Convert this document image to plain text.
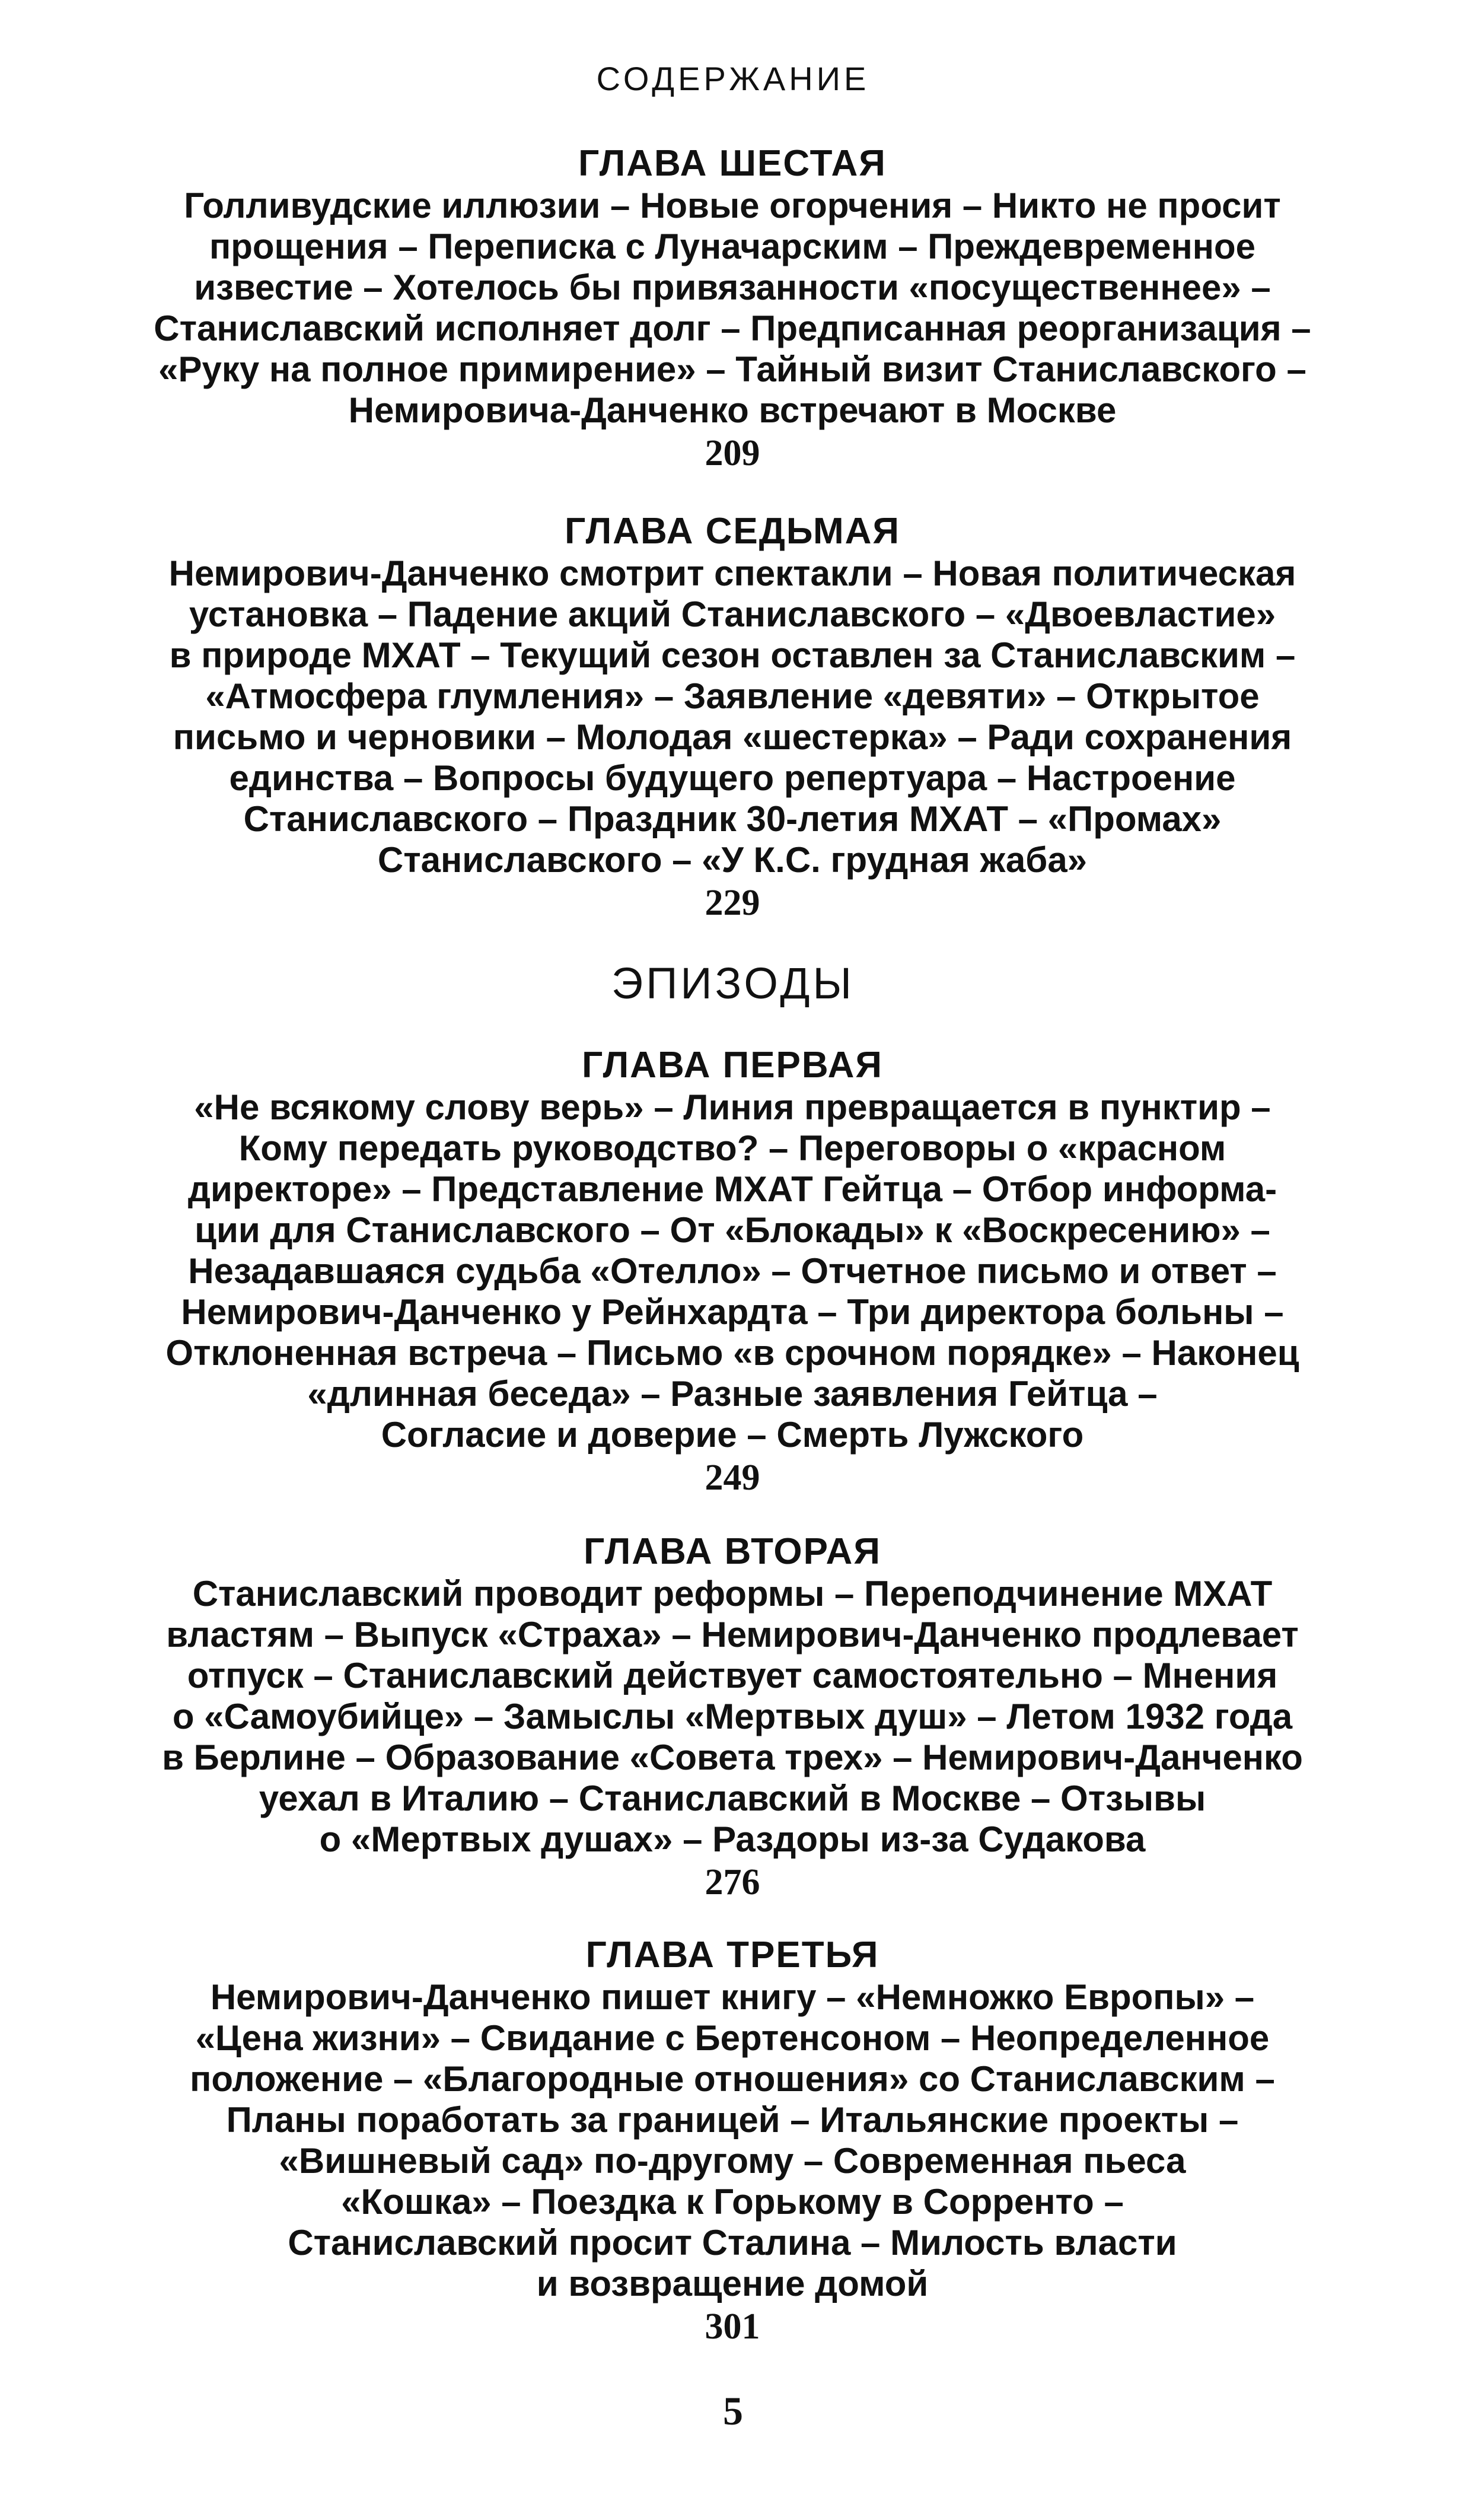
СОДЕРЖАНИЕ
ГЛАВА ШЕСТАЯ
Голливудские иллюзии – Новые огорчения – Никто не просит
прощения – Переписка с Луначарским – Преждевременное
известие – Хотелось бы привязанности «посущественнее» –
Станиславский исполняет долг – Предписанная реорганизация –
«Руку на полное примирение» – Тайный визит Станиславского –
Немировича-Данченко встречают в Москве
209
ГЛАВА СЕДЬМАЯ
Немирович-Данченко смотрит спектакли – Новая политическая
установка – Падение акций Станиславского – «Двоевластие»
в природе МХАТ – Текущий сезон оставлен за Станиславским –
«Атмосфера глумления» – Заявление «девяти» – Открытое
письмо и черновики – Молодая «шестерка» – Ради сохранения
единства – Вопросы будущего репертуара – Настроение
Станиславского – Праздник 30-летия МХАТ – «Промах»
Станиславского – «У К.С. грудная жаба»
229
ЭПИЗОДЫ
ГЛАВА ПЕРВАЯ
«Не всякому слову верь» – Линия превращается в пунктир –
Кому передать руководство? – Переговоры о «красном
директоре» – Представление МХАТ Гейтца – Отбор информа-
ции для Станиславского – От «Блокады» к «Воскресению» –
Незадавшаяся судьба «Отелло» – Отчетное письмо и ответ –
Немирович-Данченко у Рейнхардта – Три директора больны –
Отклоненная встреча – Письмо «в срочном порядке» – Наконец
«длинная беседа» – Разные заявления Гейтца –
Согласие и доверие – Смерть Лужского
249
ГЛАВА ВТОРАЯ
Станиславский проводит реформы – Переподчинение МХАТ
властям – Выпуск «Страха» – Немирович-Данченко продлевает
отпуск – Станиславский действует самостоятельно – Мнения
о «Самоубийце» – Замыслы «Мертвых душ» – Летом 1932 года
в Берлине – Образование «Совета трех» – Немирович-Данченко
уехал в Италию – Станиславский в Москве – Отзывы
о «Мертвых душах» – Раздоры из-за Судакова
276
ГЛАВА ТРЕТЬЯ
Немирович-Данченко пишет книгу – «Немножко Европы» –
«Цена жизни» – Свидание с Бертенсоном – Неопределенное
положение – «Благородные отношения» со Станиславским –
Планы поработать за границей – Итальянские проекты –
«Вишневый сад» по-другому – Современная пьеса
«Кошка» – Поездка к Горькому в Сорренто –
Станиславский просит Сталина – Милость власти
и возвращение домой
301
5
